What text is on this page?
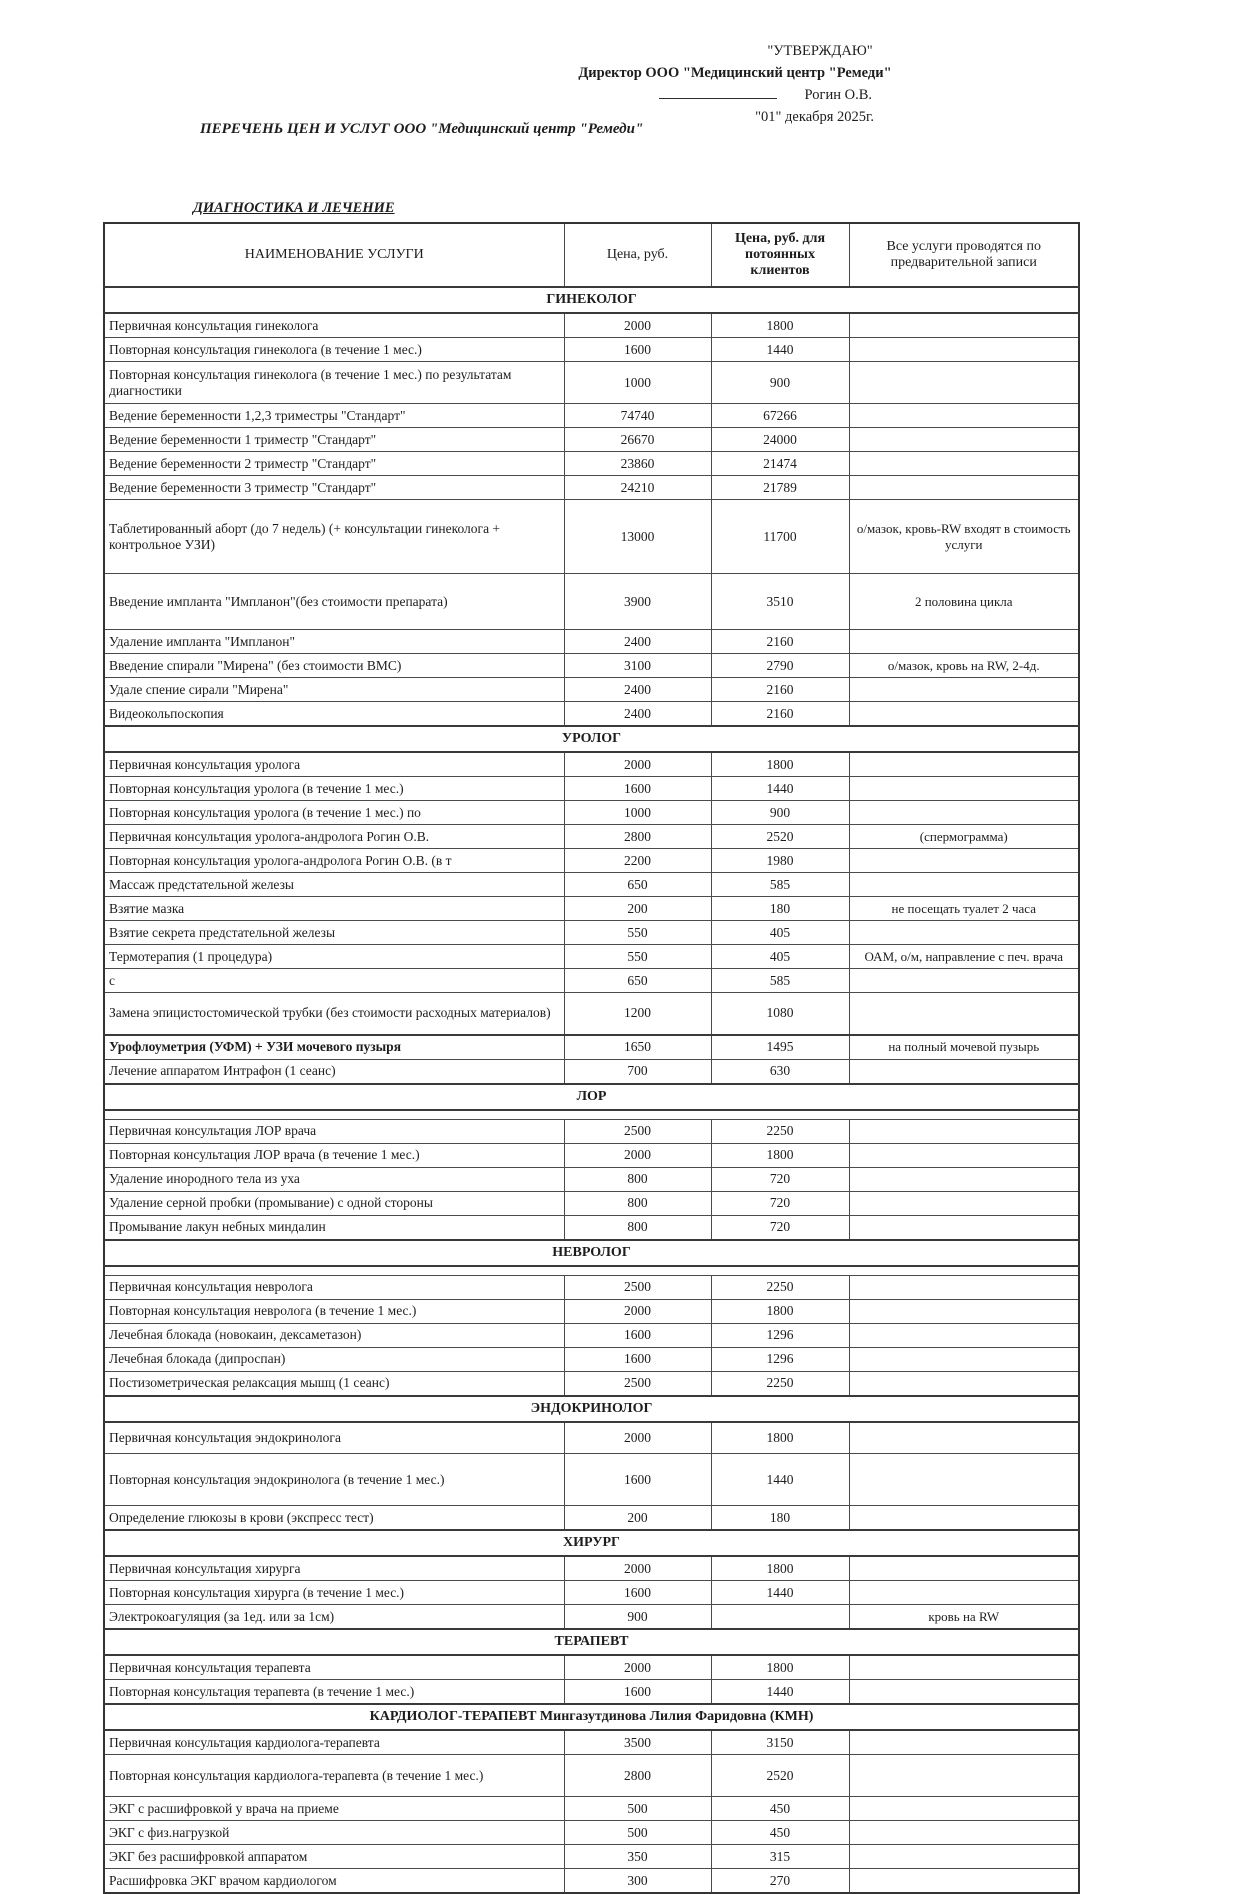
"УТВЕРЖДАЮ"
Директор ООО "Медицинский центр "Ремеди"
Рогин О.В.
"01" декабря 2025г.
ПЕРЕЧЕНЬ ЦЕН И УСЛУГ ООО "Медицинский центр "Ремеди"
ДИАГНОСТИКА И ЛЕЧЕНИЕ
НАИМЕНОВАНИЕ УСЛУГИ	Цена, руб.	Цена, руб. для потоянных клиентов	Все услуги проводятся по предварительной записи
ГИНЕКОЛОГ			
Первичная консультация гинеколога	2000	1800	
Повторная консультация гинеколога (в течение 1 мес.)	1600	1440	
Повторная консультация гинеколога (в течение 1 мес.) по результатам диагностики	1000	900	
Ведение беременности 1,2,3 триместры "Стандарт"	74740	67266	
Ведение беременности 1 триместр "Стандарт"	26670	24000	
Ведение беременности 2 триместр "Стандарт"	23860	21474	
Ведение беременности 3 триместр "Стандарт"	24210	21789	
Таблетированный аборт (до 7 недель) (+ консультации гинеколога + контрольное УЗИ)	13000	11700	о/мазок, кровь-RW входят в стоимость услуги
Введение импланта "Импланон"(без стоимости препарата)	3900	3510	2 половина цикла
Удаление импланта "Импланон"	2400	2160	
Введение спирали "Мирена" (без стоимости ВМС)	3100	2790	о/мазок, кровь на RW, 2-4д.
Удале спение сирали "Мирена"	2400	2160	
Видеокольпоскопия	2400	2160	
УРОЛОГ			
Первичная консультация уролога	2000	1800	
Повторная консультация уролога (в течение 1 мес.)	1600	1440	
Повторная консультация уролога (в течение 1 мес.) по	1000	900	
Первичная консультация уролога-андролога Рогин О.В.	2800	2520	(спермограмма)
Повторная консультация уролога-андролога Рогин О.В. (в т	2200	1980	
Массаж предстательной железы	650	585	
Взятие мазка	200	180	не посещать туалет 2 часа
Взятие секрета предстательной железы	550	405	
Термотерапия (1 процедура)	550	405	ОАМ, о/м, направление с печ. врача
с	650	585	
Замена эпицистостомической трубки (без стоимости расходных материалов)	1200	1080	
Урофлоуметрия (УФМ) + УЗИ мочевого пузыря	1650	1495	на полный мочевой пузырь
Лечение аппаратом Интрафон (1 сеанс)	700	630	
ЛОР			

Первичная консультация ЛОР врача	2500	2250	
Повторная консультация ЛОР врача (в течение 1 мес.)	2000	1800	
Удаление инородного тела из уха	800	720	
Удаление серной пробки (промывание) с одной стороны	800	720	
Промывание лакун небных миндалин	800	720	
НЕВРОЛОГ			

Первичная консультация невролога	2500	2250	
Повторная консультация невролога (в течение 1 мес.)	2000	1800	
Лечебная блокада (новокаин, дексаметазон)	1600	1296	
Лечебная блокада (дипроспан)	1600	1296	
Постизометрическая релаксация мышц (1 сеанс)	2500	2250	
ЭНДОКРИНОЛОГ			
Первичная консультация эндокринолога	2000	1800	
Повторная консультация эндокринолога (в течение 1 мес.)	1600	1440	
Определение глюкозы в крови (экспресс тест)	200	180	
ХИРУРГ			
Первичная консультация хирурга	2000	1800	
Повторная консультация хирурга (в течение 1 мес.)	1600	1440	
Электрокоагуляция (за 1ед. или за 1см)	900		кровь на RW
ТЕРАПЕВТ			
Первичная консультация терапевта	2000	1800	
Повторная консультация терапевта (в течение 1 мес.)	1600	1440	
КАРДИОЛОГ-ТЕРАПЕВТ Мингазутдинова Лилия Фаридовна (КМН)			
Первичная консультация кардиолога-терапевта	3500	3150	
Повторная консультация кардиолога-терапевта (в течение 1 мес.)	2800	2520	
ЭКГ с расшифровкой у врача на приеме	500	450	
ЭКГ с физ.нагрузкой	500	450	
ЭКГ без расшифровкой аппаратом	350	315	
Расшифровка ЭКГ врачом кардиологом	300	270	
